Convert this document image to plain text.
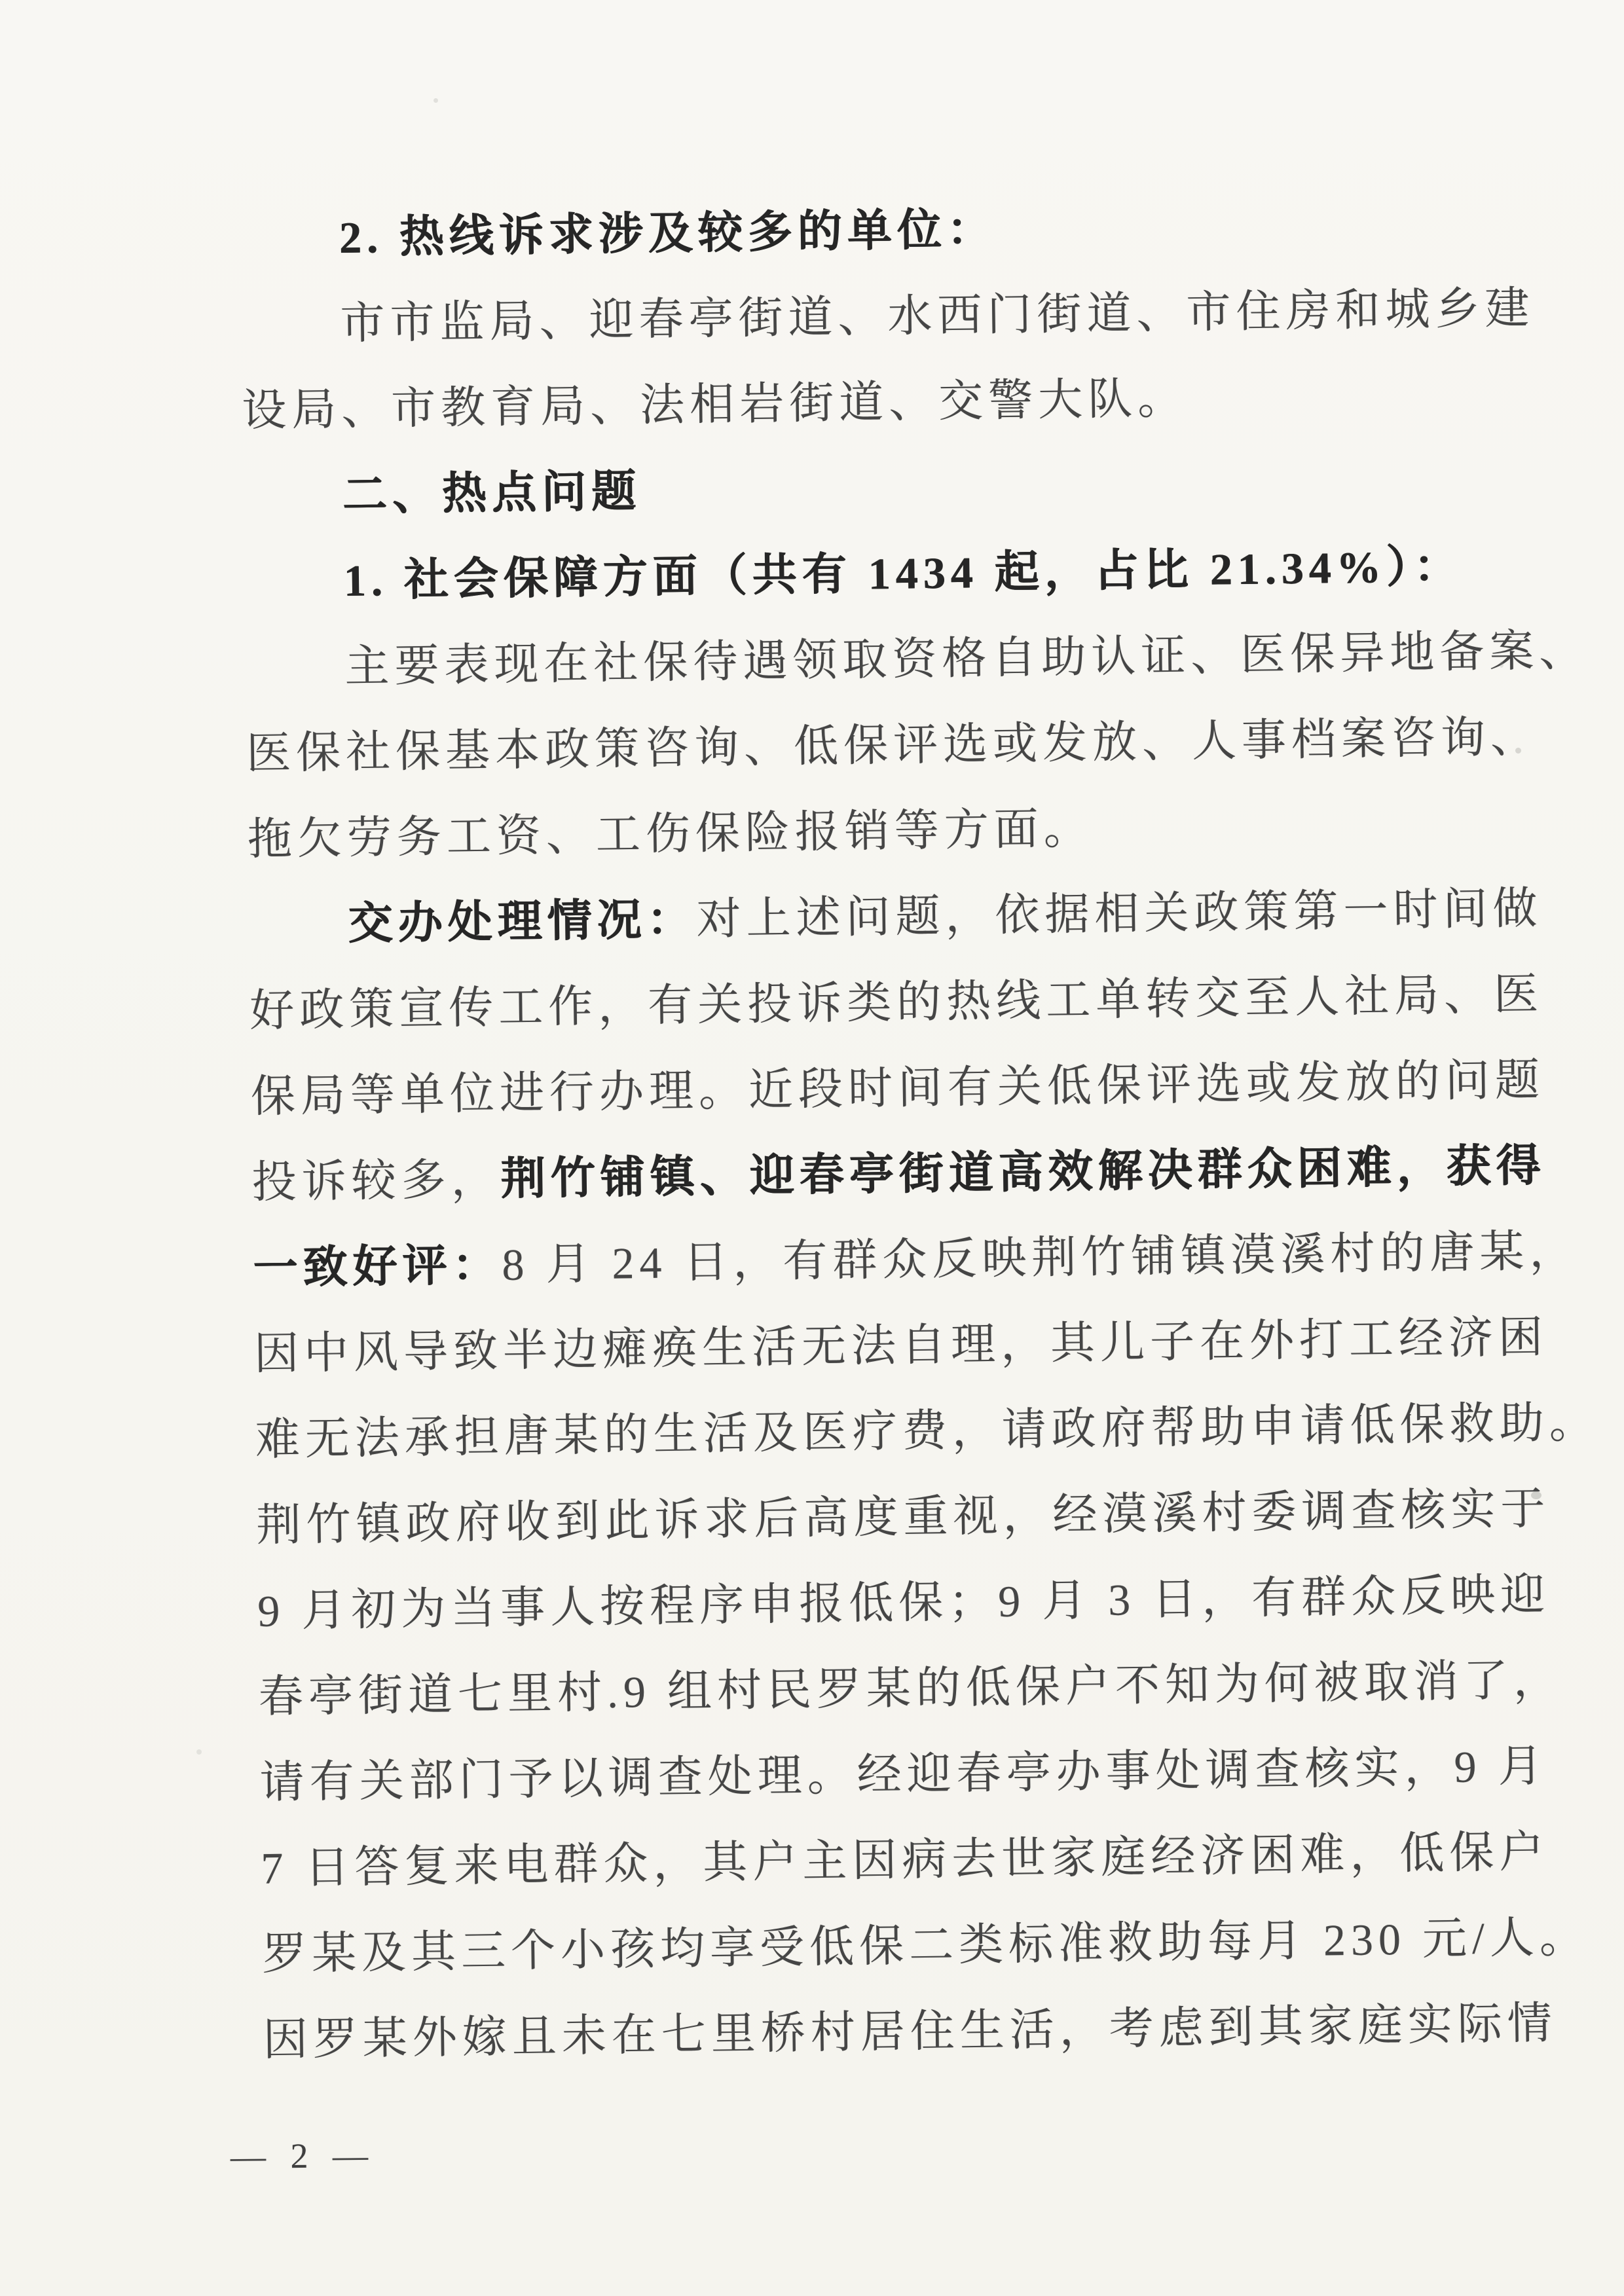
2. 热线诉求涉及较多的单位：
市市监局、迎春亭街道、水西门街道、市住房和城乡建
设局、市教育局、法相岩街道、交警大队。
二、热点问题
1. 社会保障方面（共有 1434 起，占比 21.34%）：
主要表现在社保待遇领取资格自助认证、医保异地备案、
医保社保基本政策咨询、低保评选或发放、人事档案咨询、
拖欠劳务工资、工伤保险报销等方面。
交办处理情况：对上述问题，依据相关政策第一时间做
好政策宣传工作，有关投诉类的热线工单转交至人社局、医
保局等单位进行办理。近段时间有关低保评选或发放的问题
投诉较多，荆竹铺镇、迎春亭街道高效解决群众困难，获得
一致好评：8 月 24 日，有群众反映荆竹铺镇漠溪村的唐某，
因中风导致半边瘫痪生活无法自理，其儿子在外打工经济困
难无法承担唐某的生活及医疗费，请政府帮助申请低保救助。
荆竹镇政府收到此诉求后高度重视，经漠溪村委调查核实于
9 月初为当事人按程序申报低保；9 月 3 日，有群众反映迎
春亭街道七里村.9 组村民罗某的低保户不知为何被取消了，
请有关部门予以调查处理。经迎春亭办事处调查核实，9 月
7 日答复来电群众，其户主因病去世家庭经济困难，低保户
罗某及其三个小孩均享受低保二类标准救助每月 230 元/人。
因罗某外嫁且未在七里桥村居住生活，考虑到其家庭实际情
— 2 —
